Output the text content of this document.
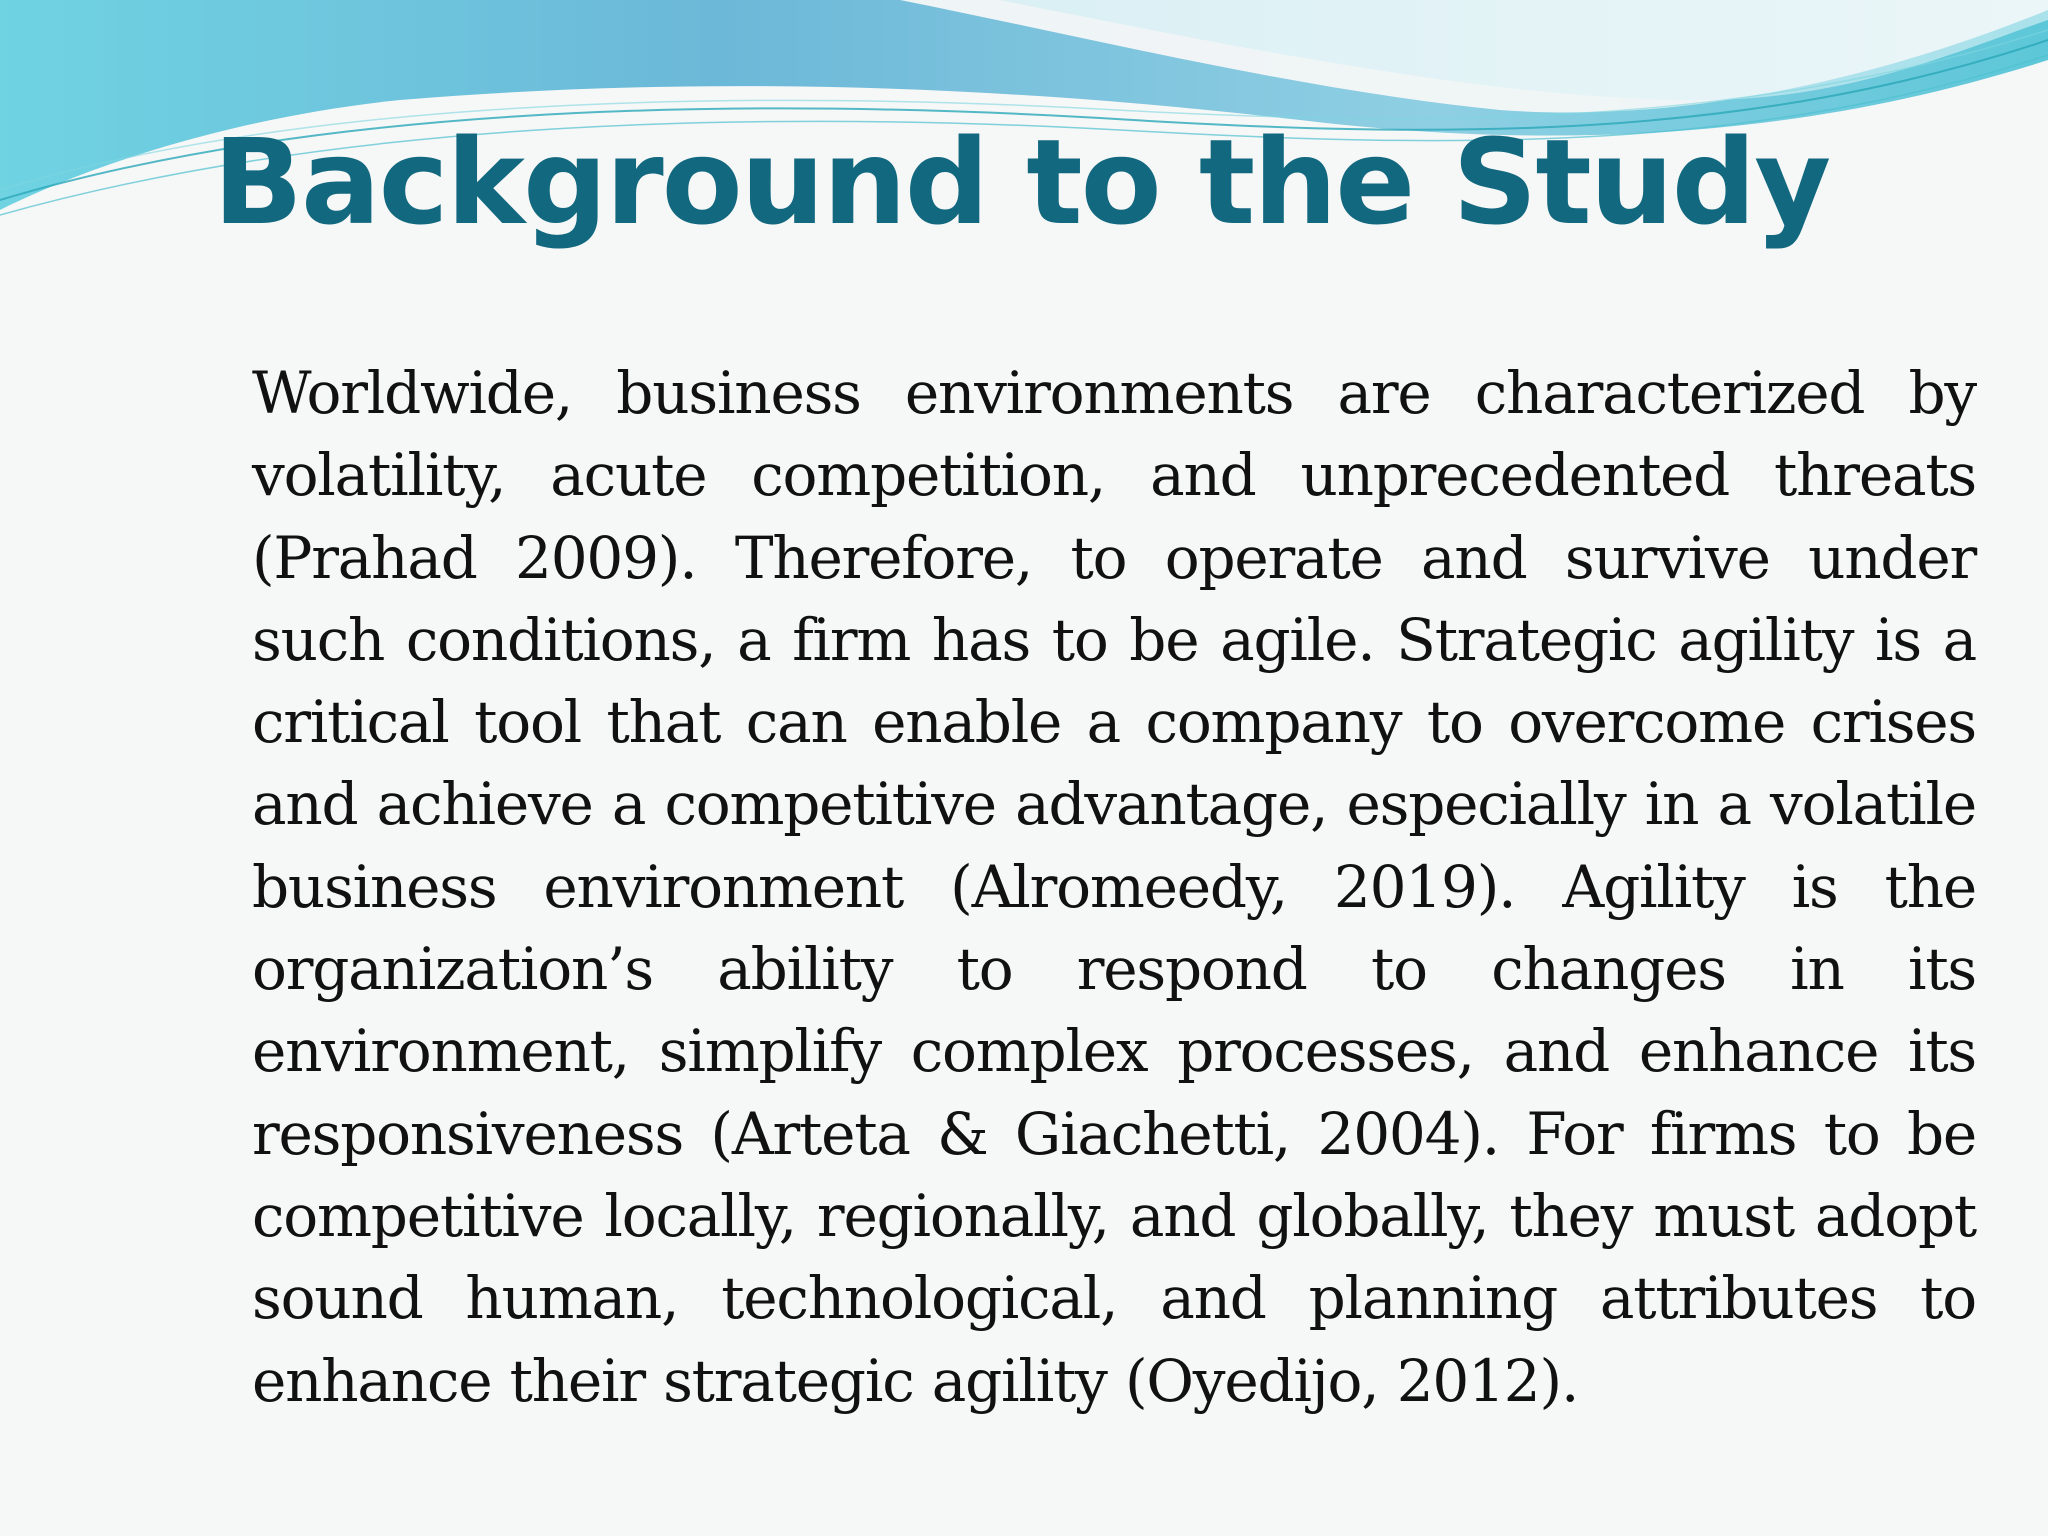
Background to the Study

Worldwide, business environments are characterized by volatility, acute competition, and unprecedented threats (Prahad 2009). Therefore, to operate and survive under such conditions, a firm has to be agile. Strategic agility is a critical tool that can enable a company to overcome crises and achieve a competitive advantage, especially in a volatile business environment (Alromeedy, 2019). Agility is the organization’s ability to respond to changes in its environment, simplify complex processes, and enhance its responsiveness (Arteta & Giachetti, 2004). For firms to be competitive locally, regionally, and globally, they must adopt sound human, technological, and planning attributes to enhance their strategic agility (Oyedijo, 2012).
